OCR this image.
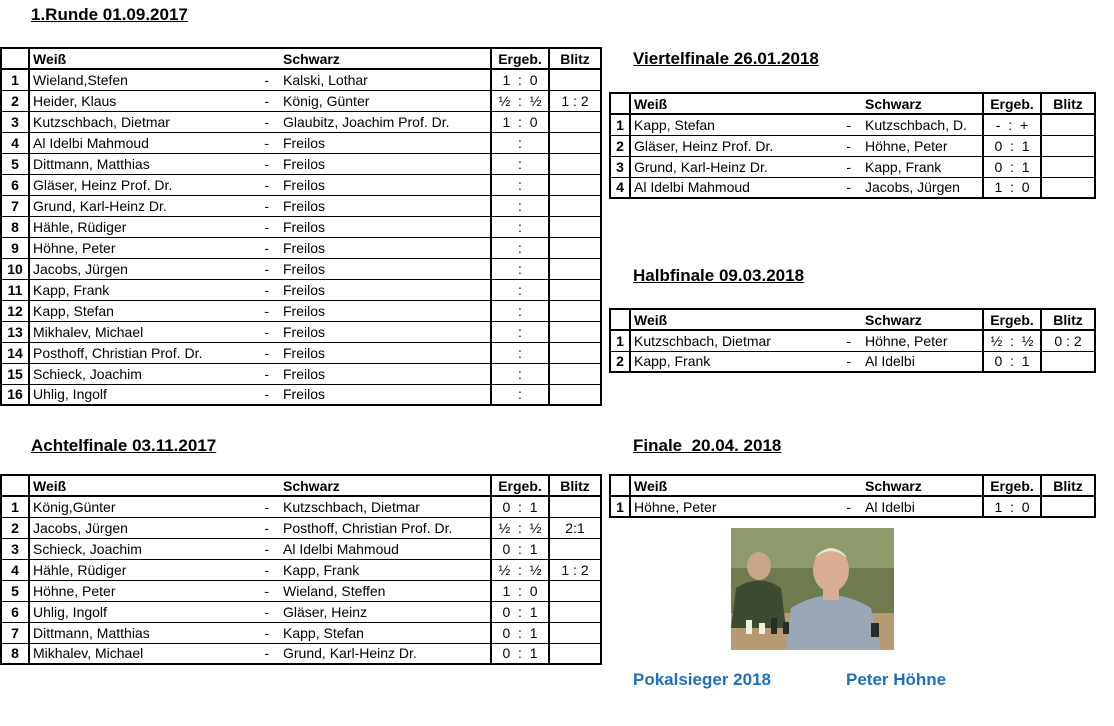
1.Runde 01.09.2017
Viertelfinale 26.01.2018
Halbfinale 09.03.2018
Achtelfinale 03.11.2017	Finale  20.04. 2018
	Weiß		Schwarz	Ergeb.	Blitz
1	Wieland,Stefen	-	Kalski, Lothar	1  :  0	
2	Heider, Klaus	-	König, Günter	½  :  ½	1 : 2
3	Kutzschbach, Dietmar	-	Glaubitz, Joachim Prof. Dr.	1  :  0	
4	Al Idelbi Mahmoud	-	Freilos	:	
5	Dittmann, Matthias	-	Freilos	:	
6	Gläser, Heinz Prof. Dr.	-	Freilos	:	
7	Grund, Karl-Heinz Dr.	-	Freilos	:	
8	Hähle, Rüdiger	-	Freilos	:	
9	Höhne, Peter	-	Freilos	:	
10	Jacobs, Jürgen	-	Freilos	:	
11	Kapp, Frank	-	Freilos	:	
12	Kapp, Stefan	-	Freilos	:	
13	Mikhalev, Michael	-	Freilos	:	
14	Posthoff, Christian Prof. Dr.	-	Freilos	:	
15	Schieck, Joachim	-	Freilos	:	
16	Uhlig, Ingolf	-	Freilos	:	
	Weiß		Schwarz	Ergeb.	Blitz
1	König,Günter	-	Kutzschbach, Dietmar	0  :  1	
2	Jacobs, Jürgen	-	Posthoff, Christian Prof. Dr.	½  :  ½	2:1
3	Schieck, Joachim	-	Al Idelbi Mahmoud	0  :  1	
4	Hähle, Rüdiger	-	Kapp, Frank	½  :  ½	1 : 2
5	Höhne, Peter	-	Wieland, Steffen	1  :  0	
6	Uhlig, Ingolf	-	Gläser, Heinz	0  :  1	
7	Dittmann, Matthias	-	Kapp, Stefan	0  :  1	
8	Mikhalev, Michael	-	Grund, Karl-Heinz Dr.	0  :  1	
	Weiß		Schwarz	Ergeb.	Blitz
1	Kapp, Stefan	-	Kutzschbach, D.	-  :  +	
2	Gläser, Heinz Prof. Dr.	-	Höhne, Peter	0  :  1	
3	Grund, Karl-Heinz Dr.	-	Kapp, Frank	0  :  1	
4	Al Idelbi Mahmoud	-	Jacobs, Jürgen	1  :  0	
	Weiß		Schwarz	Ergeb.	Blitz
1	Kutzschbach, Dietmar	-	Höhne, Peter	½  :  ½	0 : 2
2	Kapp, Frank	-	Al Idelbi	0  :  1	
	Weiß		Schwarz	Ergeb.	Blitz
1	Höhne, Peter	-	Al Idelbi	1  :  0	
Pokalsieger 2018	Peter Höhne
